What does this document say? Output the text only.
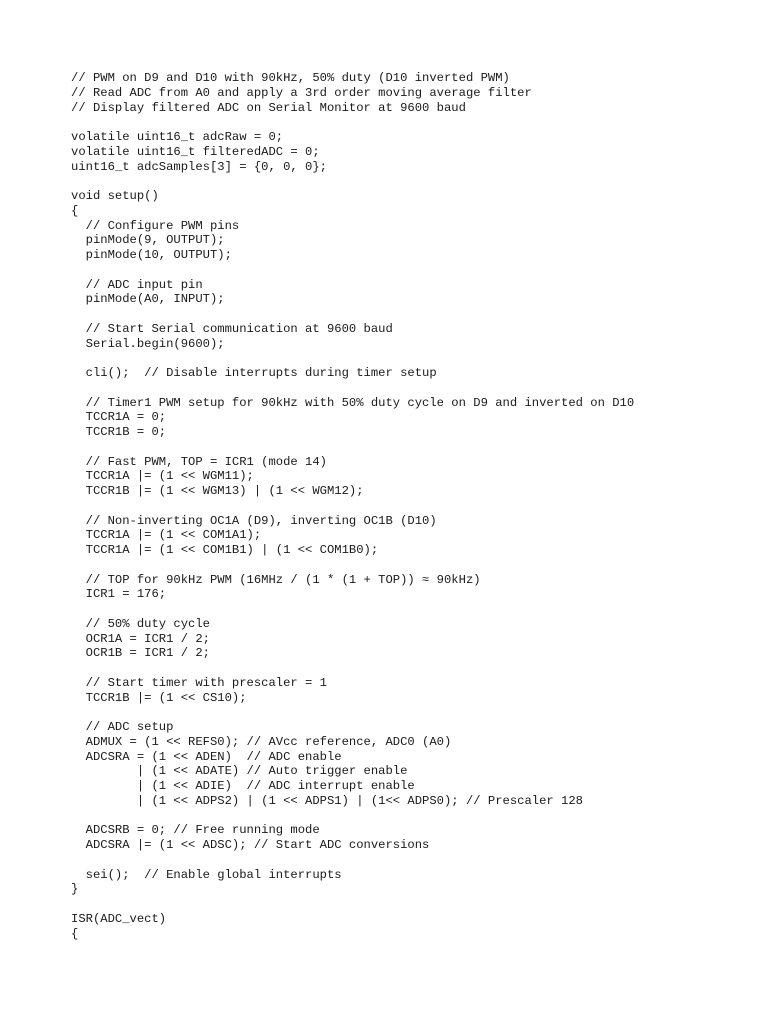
// PWM on D9 and D10 with 90kHz, 50% duty (D10 inverted PWM)
// Read ADC from A0 and apply a 3rd order moving average filter
// Display filtered ADC on Serial Monitor at 9600 baud
volatile uint16_t adcRaw = 0;
volatile uint16_t filteredADC = 0;
uint16_t adcSamples[3] = {0, 0, 0};
void setup()
{
// Configure PWM pins
pinMode(9, OUTPUT);
pinMode(10, OUTPUT);
// ADC input pin
pinMode(A0, INPUT);
// Start Serial communication at 9600 baud
Serial.begin(9600);
cli();  // Disable interrupts during timer setup
// Timer1 PWM setup for 90kHz with 50% duty cycle on D9 and inverted on D10
TCCR1A = 0;
TCCR1B = 0;
// Fast PWM, TOP = ICR1 (mode 14)
TCCR1A |= (1 << WGM11);
TCCR1B |= (1 << WGM13) | (1 << WGM12);
// Non-inverting OC1A (D9), inverting OC1B (D10)
TCCR1A |= (1 << COM1A1);
TCCR1A |= (1 << COM1B1) | (1 << COM1B0);
// TOP for 90kHz PWM (16MHz / (1 * (1 + TOP)) ≈ 90kHz)
ICR1 = 176;
// 50% duty cycle
OCR1A = ICR1 / 2;
OCR1B = ICR1 / 2;
// Start timer with prescaler = 1
TCCR1B |= (1 << CS10);
// ADC setup
ADMUX = (1 << REFS0); // AVcc reference, ADC0 (A0)
ADCSRA = (1 << ADEN)  // ADC enable
| (1 << ADATE) // Auto trigger enable
| (1 << ADIE)  // ADC interrupt enable
| (1 << ADPS2) | (1 << ADPS1) | (1<< ADPS0); // Prescaler 128
ADCSRB = 0; // Free running mode
ADCSRA |= (1 << ADSC); // Start ADC conversions
sei();  // Enable global interrupts
}
ISR(ADC_vect)
{
